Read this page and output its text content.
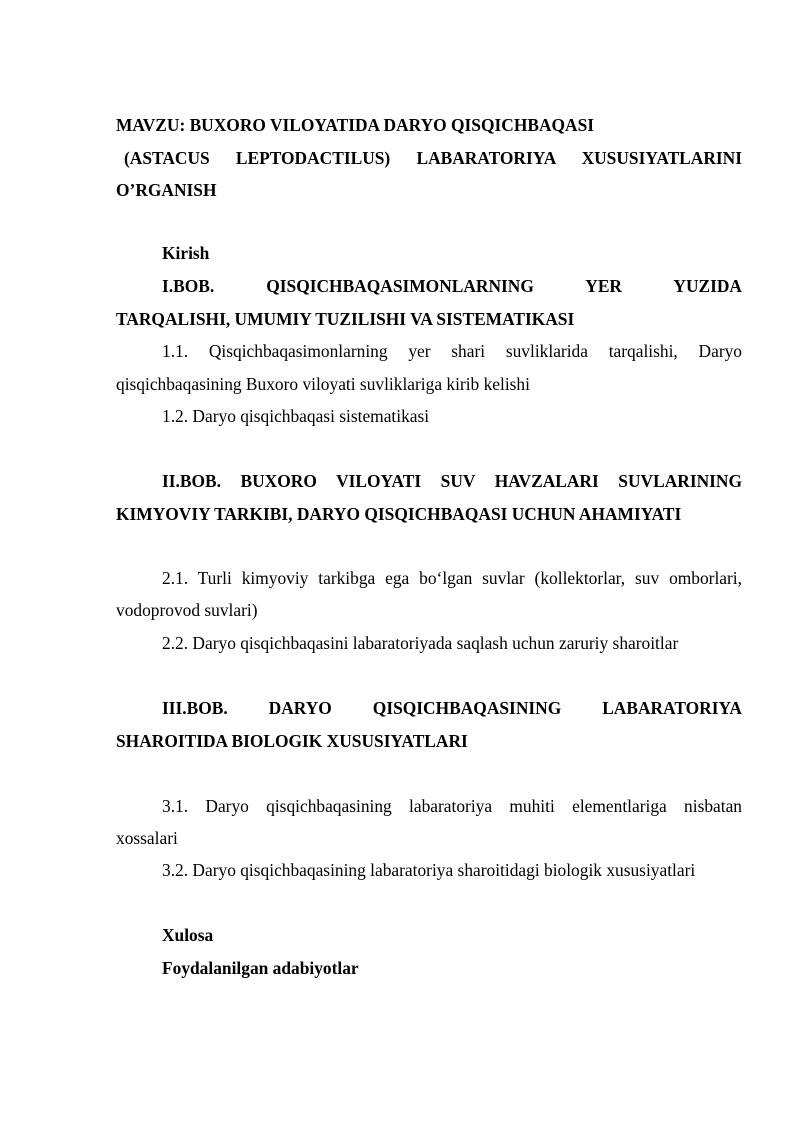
MAVZU: BUXORO VILOYATIDA DARYO QISQICHBAQASI
(ASTACUS LEPTODACTILUS) LABARATORIYA XUSUSIYATLARINI
O’RGANISH
Kirish
I.BOB. QISQICHBAQASIMONLARNING YER YUZIDA
TARQALISHI, UMUMIY TUZILISHI VA SISTEMATIKASI
1.1. Qisqichbaqasimonlarning yer shari suvliklarida tarqalishi, Daryo
qisqichbaqasining Buxoro viloyati suvliklariga kirib kelishi
1.2. Daryo qisqichbaqasi sistematikasi
II.BOB. BUXORO VILOYATI SUV HAVZALARI SUVLARINING
KIMYOVIY TARKIBI, DARYO QISQICHBAQASI UCHUN AHAMIYATI
2.1. Turli kimyoviy tarkibga ega bo‘lgan suvlar (kollektorlar, suv omborlari,
vodoprovod suvlari)
2.2. Daryo qisqichbaqasini labaratoriyada saqlash uchun zaruriy sharoitlar
III.BOB. DARYO QISQICHBAQASINING LABARATORIYA
SHAROITIDA BIOLOGIK XUSUSIYATLARI
3.1. Daryo qisqichbaqasining labaratoriya muhiti elementlariga nisbatan
xossalari
3.2. Daryo qisqichbaqasining labaratoriya sharoitidagi biologik xususiyatlari
Xulosa
Foydalanilgan adabiyotlar
